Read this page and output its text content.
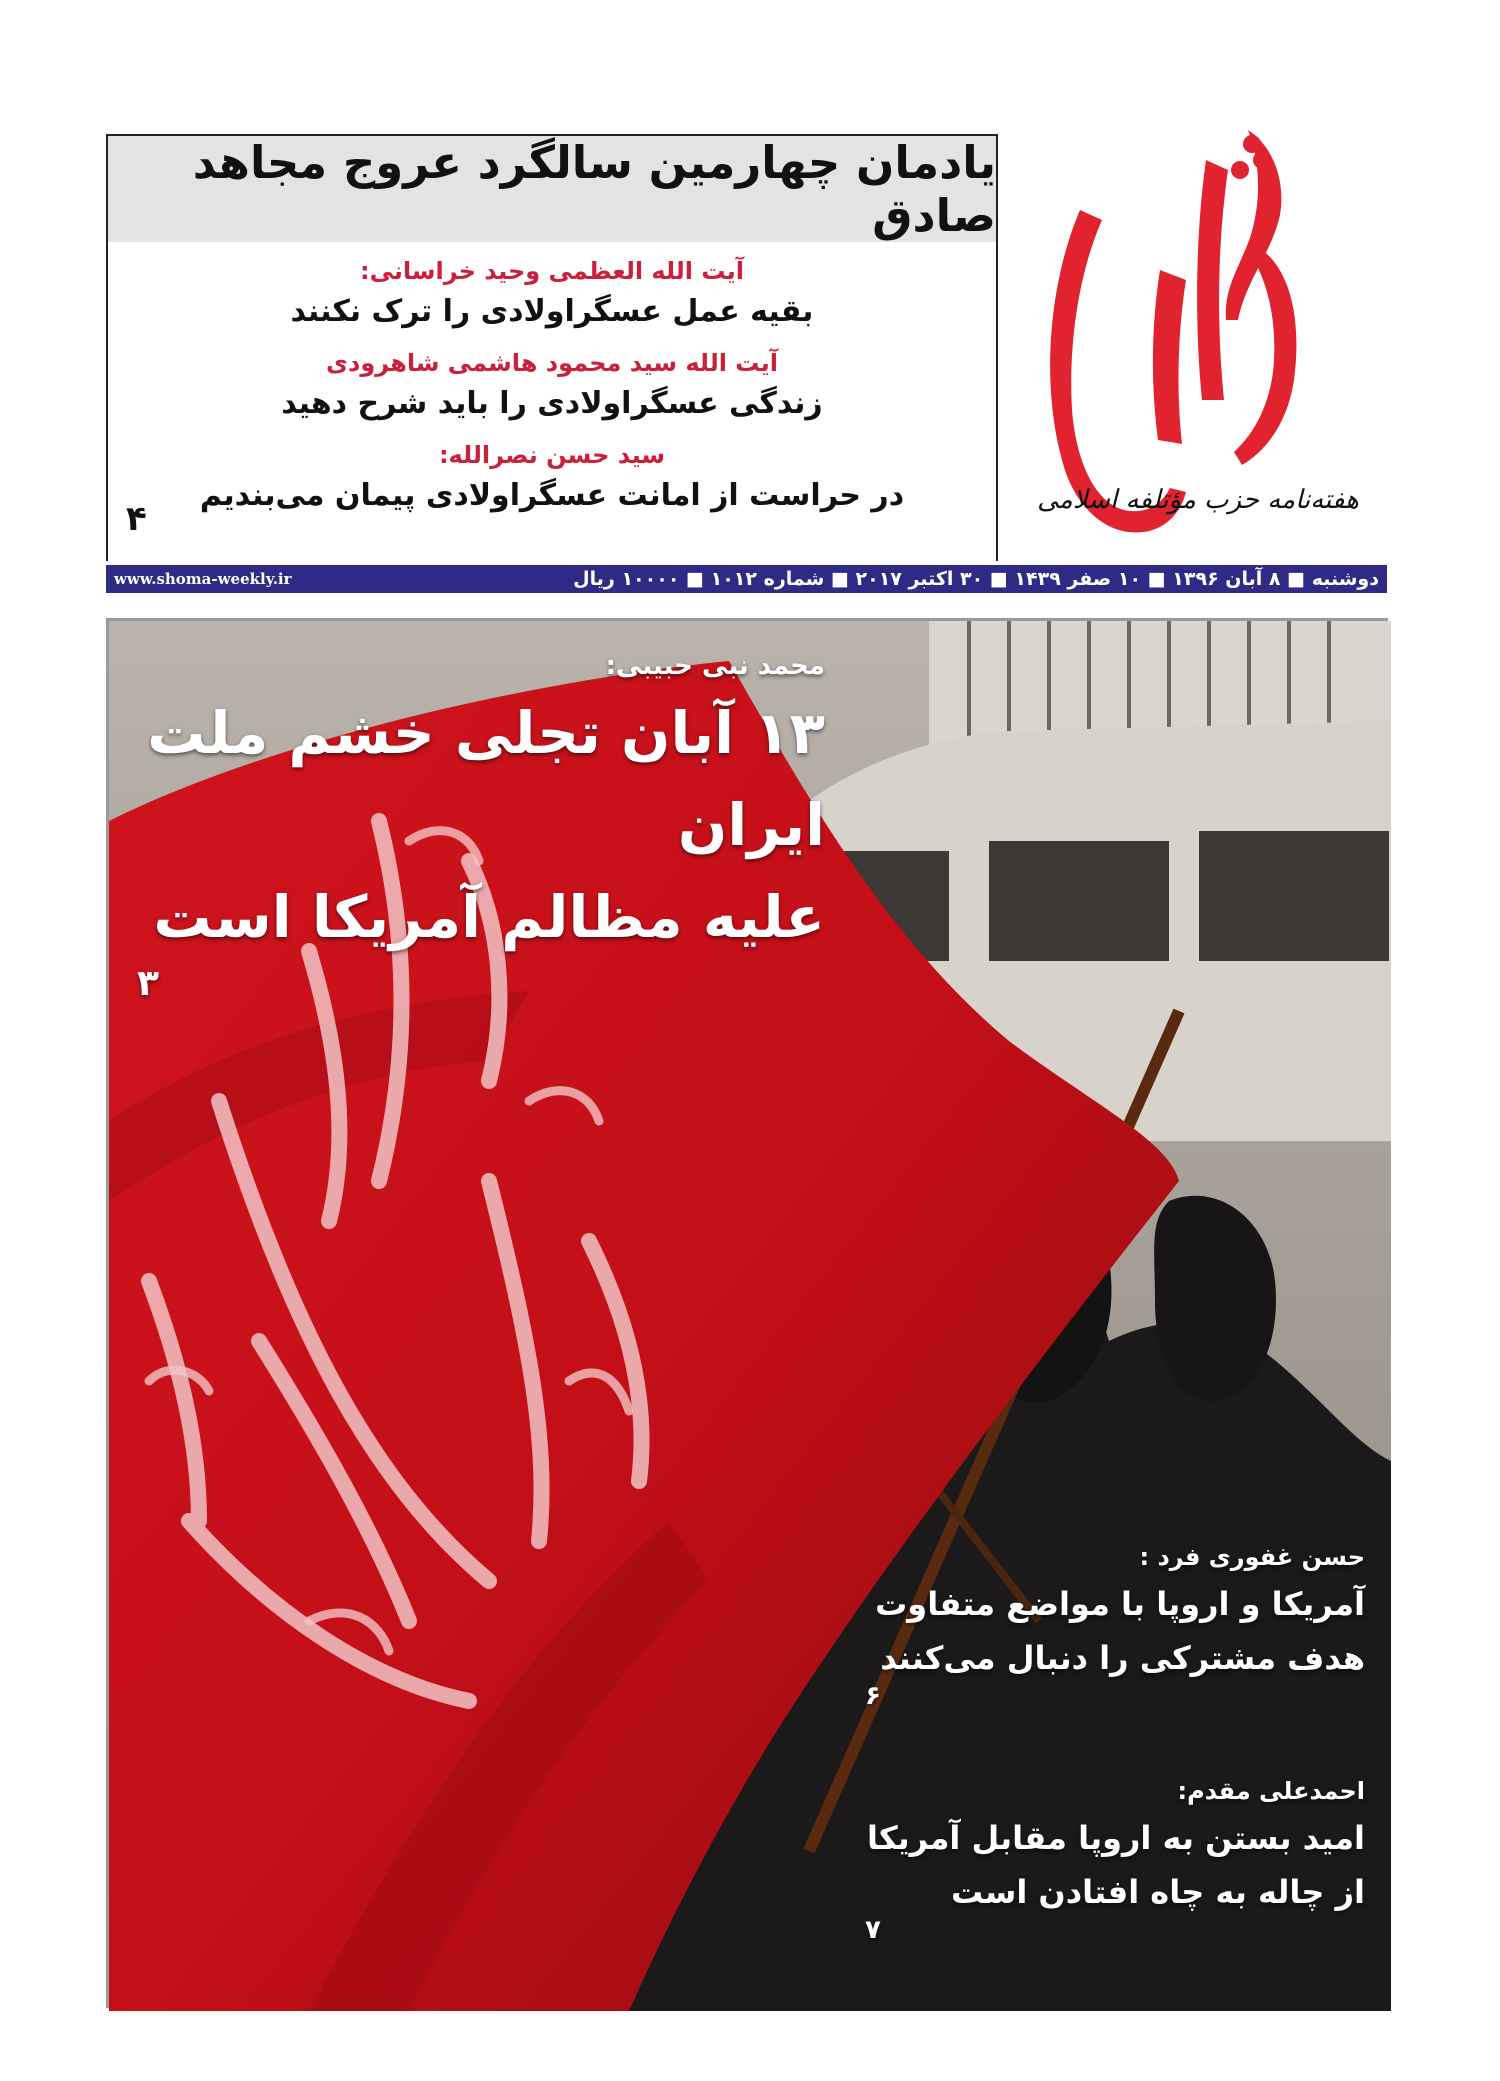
یادمان چهارمین سالگرد عروج مجاهد صادق
آیت الله العظمی وحید خراسانی:
بقیه عمل عسگراولادی را ترک نکنند
آیت الله سید محمود هاشمی شاهرودی
زندگی عسگراولادی را باید شرح دهید
سید حسن نصرالله:
در حراست از امانت عسگراولادی پیمان می‌بندیم
۴	هفته‌نامه حزب مؤتلفه اسلامی
دوشنبه ■ ۸ آبان ۱۳۹۶ ■ ۱۰ صفر ۱۴۳۹ ■ ۳۰ اکتبر ۲۰۱۷ ■ شماره ۱۰۱۲ ■ ۱۰۰۰۰ ریال
www.shoma-weekly.ir
محمد نبی حبیبی:
۱۳ آبان تجلی خشم ملت ایران
علیه مظالم آمریکا است
۳
حسن غفوری فرد :
آمریکا و اروپا با مواضع متفاوت
هدف مشترکی را دنبال می‌کنند
۶
احمدعلی مقدم:
امید بستن به اروپا مقابل آمریکا
از چاله به چاه افتادن است
۷
